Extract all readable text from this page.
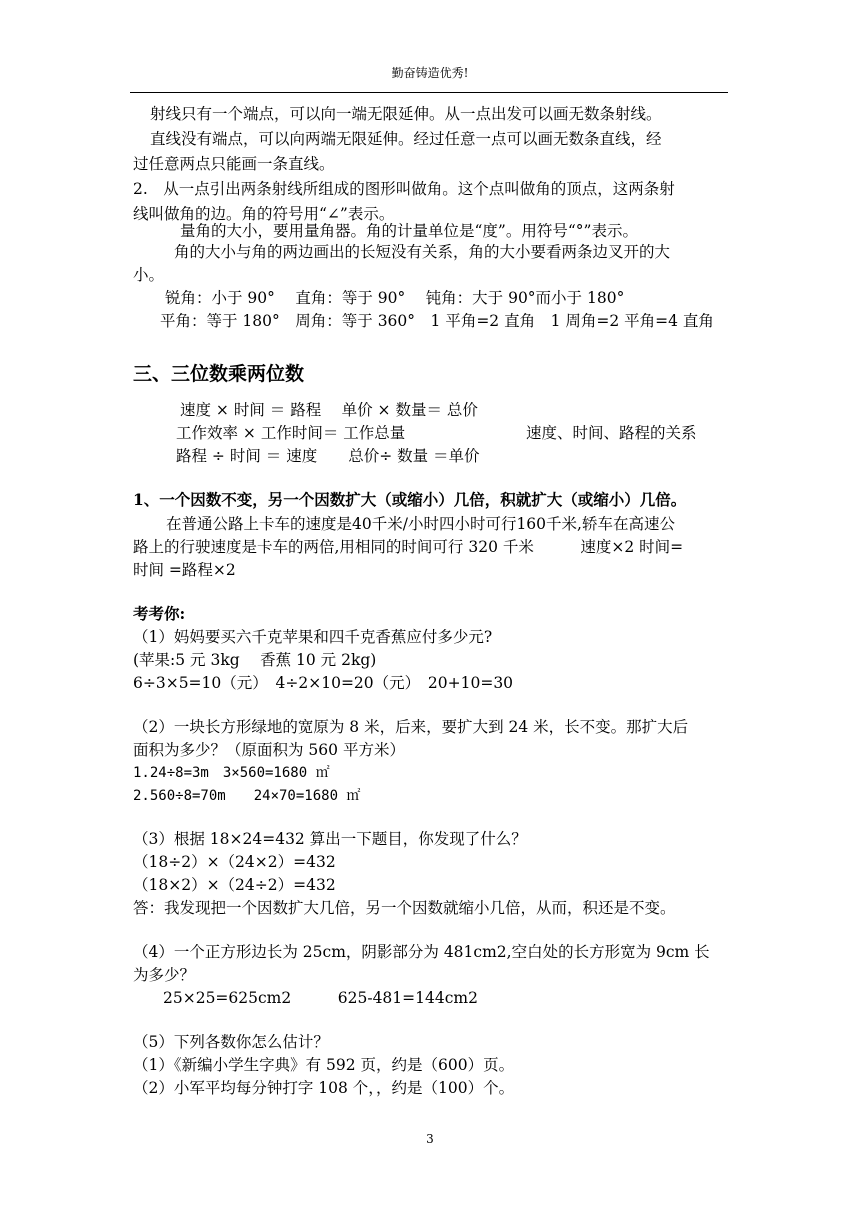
勤奋铸造优秀!
射线只有一个端点，可以向一端无限延伸。从一点出发可以画无数条射线。
直线没有端点，可以向两端无限延伸。经过任意一点可以画无数条直线，经
过任意两点只能画一条直线。
2.　从一点引出两条射线所组成的图形叫做角。这个点叫做角的顶点，这两条射
线叫做角的边。角的符号用“∠”表示。
量角的大小，要用量角器。角的计量单位是“度”。用符号“°”表示。
角的大小与角的两边画出的长短没有关系，角的大小要看两条边叉开的大
小。
锐角：小于 90°　 直角：等于 90°　 钝角：大于 90°而小于 180°
平角：等于 180°　周角：等于 360°　1 平角=2 直角　1 周角=2 平角=4 直角
三、三位数乘两位数
速度 × 时间 ＝ 路程　 单价 × 数量＝ 总价
工作效率 × 工作时间＝ 工作总量	速度、时间、路程的关系
路程 ÷ 时间 ＝ 速度　　总价÷ 数量 ＝单价
1、一个因数不变，另一个因数扩大（或缩小）几倍，积就扩大（或缩小）几倍。
在普通公路上卡车的速度是40千米/小时四小时可行160千米,轿车在高速公
路上的行驶速度是卡车的两倍,用相同的时间可行 320 千米　　　速度×2 时间=
时间 =路程×2
考考你:
（1）妈妈要买六千克苹果和四千克香蕉应付多少元?
(苹果:5 元 3kg　 香蕉 10 元 2kg)
6÷3×5=10（元）　4÷2×10=20（元）　20+10=30
（2）一块长方形绿地的宽原为 8 米，后来，要扩大到 24 米，长不变。那扩大后
面积为多少？（原面积为 560 平方米）
1.24÷8=3m　3×560=1680 ㎡
2.560÷8=70m　　24×70=1680 ㎡
（3）根据 18×24=432 算出一下题目，你发现了什么？
（18÷2）×（24×2）=432
（18×2）×（24÷2）=432
答：我发现把一个因数扩大几倍，另一个因数就缩小几倍，从而，积还是不变。
（4）一个正方形边长为 25cm，阴影部分为 481cm2,空白处的长方形宽为 9cm 长
为多少？
25×25=625cm2　　　625-481=144cm2
（5）下列各数你怎么估计？
（1）《新编小学生字典》有 592 页，约是（600）页。
（2）小军平均每分钟打字 108 个，，约是（100）个。
3
